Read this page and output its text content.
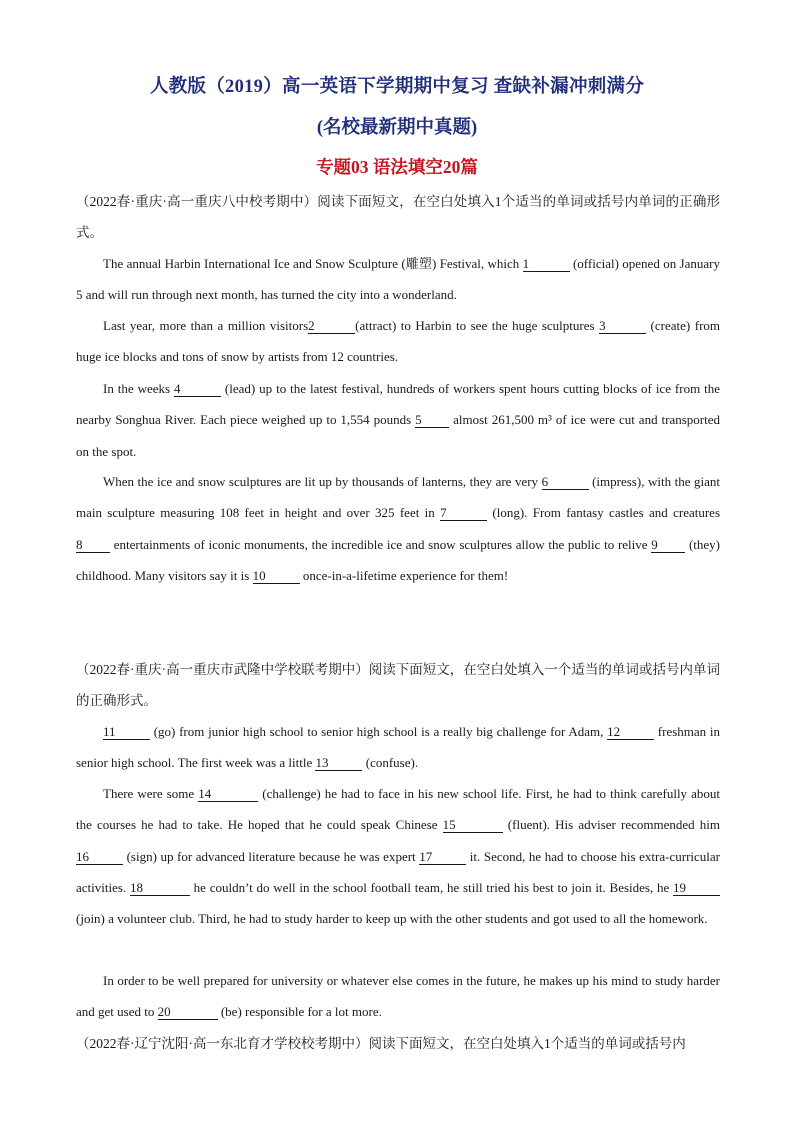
人教版（2019）高一英语下学期期中复习 查缺补漏冲刺满分
(名校最新期中真题)
专题03 语法填空20篇

（2022春·重庆·高一重庆八中校考期中）阅读下面短文，在空白处填入1个适当的单词或括号内单词的正确形式。

The annual Harbin International Ice and Snow Sculpture (雕塑) Festival, which 1	(official) opened on January 5 and will run through next month, has turned the city into a wonderland.

Last year, more than a million visitors2	(attract) to Harbin to see the huge sculptures 3	(create) from huge ice blocks and tons of snow by artists from 12 countries.

In the weeks 4	(lead) up to the latest festival, hundreds of workers spent hours cutting blocks of ice from the nearby Songhua River. Each piece weighed up to 1,554 pounds 5 almost 261,500 m³ of ice were cut and transported on the spot.

When the ice and snow sculptures are lit up by thousands of lanterns, they are very 6	(impress), with the giant main sculpture measuring 108 feet in height and over 325 feet in 7	(long). From fantasy castles and creatures 8 entertainments of iconic monuments, the incredible ice and snow sculptures allow the public to relive 9 (they) childhood. Many visitors say it is 10	once-in-a-lifetime experience for them!

（2022春·重庆·高一重庆市武隆中学校联考期中）阅读下面短文，在空白处填入一个适当的单词或括号内单词的正确形式。

11	(go) from junior high school to senior high school is a really big challenge for Adam, 12	freshman in senior high school. The first week was a little 13	(confuse).

There were some 14	(challenge) he had to face in his new school life. First, he had to think carefully about the courses he had to take. He hoped that he could speak Chinese 15	(fluent). His adviser recommended him 16	(sign) up for advanced literature because he was expert 17	it. Second, he had to choose his extra-curricular activities. 18	he couldn’t do well in the school football team, he still tried his best to join it. Besides, he 19 (join) a volunteer club. Third, he had to study harder to keep up with the other students and got used to all the homework.

In order to be well prepared for university or whatever else comes in the future, he makes up his mind to study harder and get used to 20	(be) responsible for a lot more.

（2022春·辽宁沈阳·高一东北育才学校校考期中）阅读下面短文，在空白处填入1个适当的单词或括号内
